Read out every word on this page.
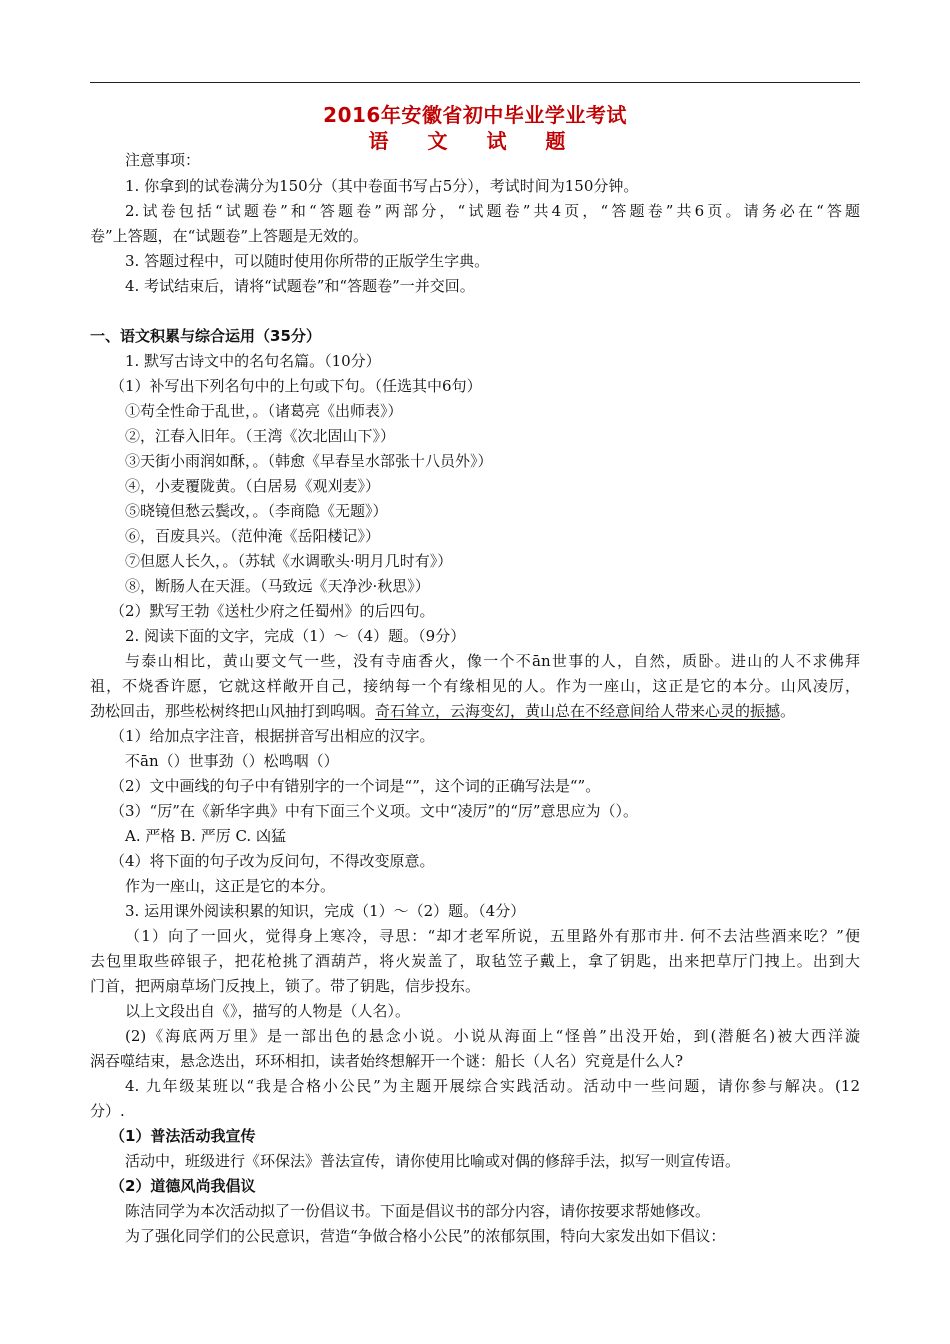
2016年安徽省初中毕业学业考试
语 文 试 题
注意事项：
1. 你拿到的试卷满分为150分（其中卷面书写占5分），考试时间为150分钟。
2.试卷包括“试题卷”和“答题卷”两部分，“试题卷”共4页，“答题卷”共6页。请务必在“答题
卷”上答题，在“试题卷”上答题是无效的。
3. 答题过程中，可以随时使用你所带的正版学生字典。
4. 考试结束后，请将“试题卷”和“答题卷”一并交回。
一、语文积累与综合运用（35分）
1. 默写古诗文中的名句名篇。（10分）
（1）补写出下列名句中的上句或下句。（任选其中6句）
①苟全性命于乱世，。（诸葛亮《出师表》）
②，江春入旧年。（王湾《次北固山下》）
③天街小雨润如酥，。（韩愈《早春呈水部张十八员外》）
④，小麦覆陇黄。（白居易《观刈麦》）
⑤晓镜但愁云鬓改，。（李商隐《无题》）
⑥，百废具兴。（范仲淹《岳阳楼记》）
⑦但愿人长久，。（苏轼《水调歌头·明月几时有》）
⑧，断肠人在天涯。（马致远《天净沙·秋思》）
（2）默写王勃《送杜少府之任蜀州》的后四句。
2. 阅读下面的文字，完成（1）～（4）题。（9分）
与泰山相比，黄山要文气一些，没有寺庙香火，像一个不ān世事的人，自然，质卧。进山的人不求佛拜
祖，不烧香许愿，它就这样敞开自己，接纳每一个有缘相见的人。作为一座山，这正是它的本分。山风凌厉，
劲松回击，那些松树终把山风抽打到呜咽。奇石耸立，云海变幻，黄山总在不经意间给人带来心灵的振撼。
（1）给加点字注音，根据拼音写出相应的汉字。
不ān（）世事劲（）松鸣咽（）
（2）文中画线的句子中有错别字的一个词是“”，这个词的正确写法是“”。
（3）“厉”在《新华字典》中有下面三个义项。文中“凌厉”的“厉”意思应为（）。
A. 严格 B. 严厉 C. 凶猛
（4）将下面的句子改为反问句，不得改变原意。
作为一座山，这正是它的本分。
3. 运用课外阅读积累的知识，完成（1）～（2）题。（4分）
（1）向了一回火，觉得身上寒冷，寻思：“却才老军所说，五里路外有那市井. 何不去沽些酒来吃？”便
去包里取些碎银子，把花枪挑了酒葫芦，将火炭盖了，取毡笠子戴上，拿了钥匙，出来把草厅门拽上。出到大
门首，把两扇草场门反拽上，锁了。带了钥匙，信步投东。
以上文段出自《》，描写的人物是（人名）。
(2)《海底两万里》是一部出色的悬念小说。小说从海面上“怪兽”出没开始，到(潜艇名)被大西洋漩
涡吞噬结束，悬念迭出，环环相扣，读者始终想解开一个谜：船长（人名）究竟是什么人?
4. 九年级某班以“我是合格小公民”为主题开展综合实践活动。活动中一些问题，请你参与解决。(12
分）.
（1）普法活动我宣传
活动中，班级进行《环保法》普法宣传，请你使用比喻或对偶的修辞手法，拟写一则宣传语。
（2）道德风尚我倡议
陈洁同学为本次活动拟了一份倡议书。下面是倡议书的部分内容，请你按要求帮她修改。
为了强化同学们的公民意识，营造“争做合格小公民”的浓郁氛围，特向大家发出如下倡议：
